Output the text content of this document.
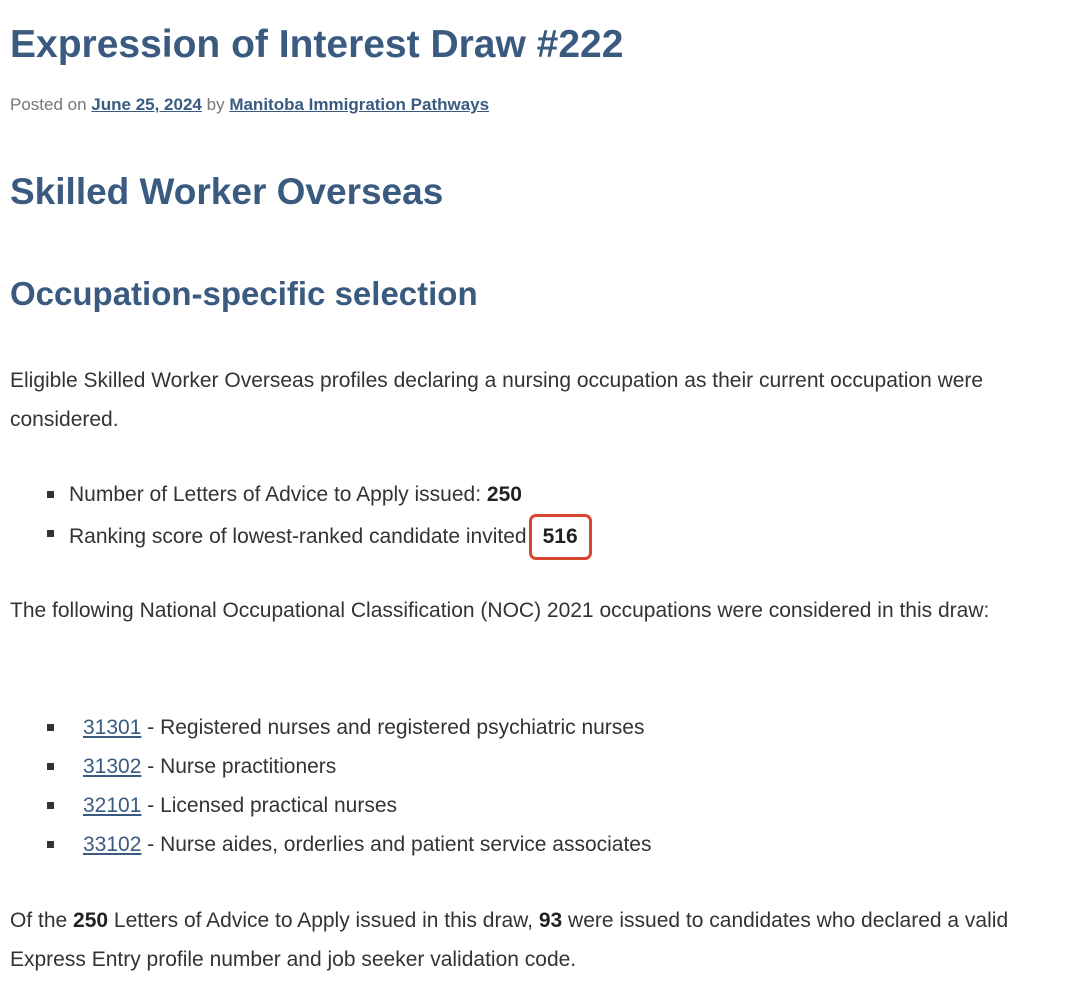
Expression of Interest Draw #222
Posted on June 25, 2024 by Manitoba Immigration Pathways
Skilled Worker Overseas
Occupation-specific selection

Eligible Skilled Worker Overseas profiles declaring a nursing occupation as their current occupation were considered.

Number of Letters of Advice to Apply issued: 250
Ranking score of lowest-ranked candidate invited 516

The following National Occupational Classification (NOC) 2021 occupations were considered in this draw:

31301 - Registered nurses and registered psychiatric nurses
31302 - Nurse practitioners
32101 - Licensed practical nurses
33102 - Nurse aides, orderlies and patient service associates

Of the 250 Letters of Advice to Apply issued in this draw, 93 were issued to candidates who declared a valid Express Entry profile number and job seeker validation code.
